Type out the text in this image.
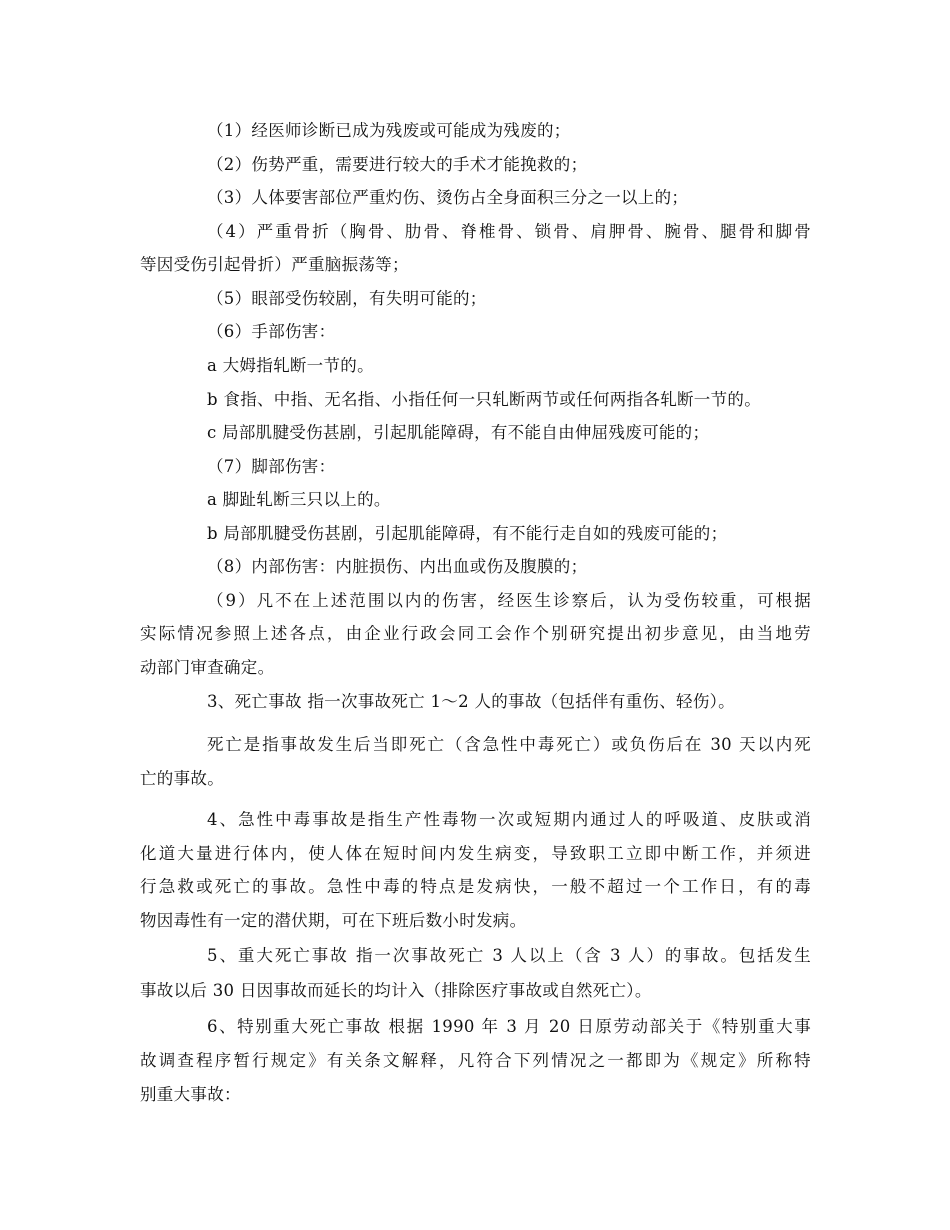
（1）经医师诊断已成为残废或可能成为残废的；
（2）伤势严重，需要进行较大的手术才能挽救的；
（3）人体要害部位严重灼伤、烫伤占全身面积三分之一以上的；
（4）严重骨折（胸骨、肋骨、脊椎骨、锁骨、肩胛骨、腕骨、腿骨和脚骨
等因受伤引起骨折）严重脑振荡等；
（5）眼部受伤较剧，有失明可能的；
（6）手部伤害：
a 大姆指轧断一节的。
b 食指、中指、无名指、小指任何一只轧断两节或任何两指各轧断一节的。
c 局部肌腱受伤甚剧，引起肌能障碍，有不能自由伸屈残废可能的；
（7）脚部伤害：
a 脚趾轧断三只以上的。
b 局部肌腱受伤甚剧，引起肌能障碍，有不能行走自如的残废可能的；
（8）内部伤害：内脏损伤、内出血或伤及腹膜的；
（9）凡不在上述范围以内的伤害，经医生诊察后，认为受伤较重，可根据
实际情况参照上述各点，由企业行政会同工会作个别研究提出初步意见，由当地劳
动部门审查确定。
3、死亡事故 指一次事故死亡 1～2 人的事故（包括伴有重伤、轻伤）。
死亡是指事故发生后当即死亡（含急性中毒死亡）或负伤后在 30 天以内死
亡的事故。
4、急性中毒事故是指生产性毒物一次或短期内通过人的呼吸道、皮肤或消
化道大量进行体内，使人体在短时间内发生病变，导致职工立即中断工作，并须进
行急救或死亡的事故。急性中毒的特点是发病快，一般不超过一个工作日，有的毒
物因毒性有一定的潜伏期，可在下班后数小时发病。
5、重大死亡事故 指一次事故死亡 3 人以上（含 3 人）的事故。包括发生
事故以后 30 日因事故而延长的均计入（排除医疗事故或自然死亡）。
6、特别重大死亡事故 根据 1990 年 3 月 20 日原劳动部关于《特别重大事
故调查程序暂行规定》有关条文解释，凡符合下列情况之一都即为《规定》所称特
别重大事故：
